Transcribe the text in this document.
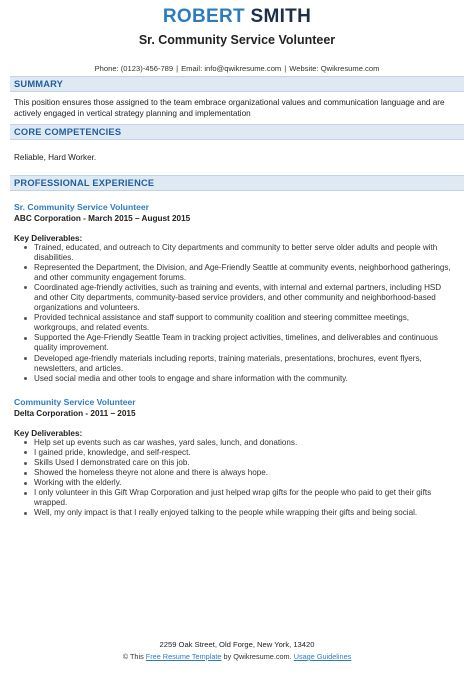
ROBERT SMITH
Sr. Community Service Volunteer
Phone: (0123)-456-789 | Email: info@qwikresume.com | Website: Qwikresume.com
SUMMARY
This position ensures those assigned to the team embrace organizational values and communication language and are actively engaged in vertical strategy planning and implementation
CORE COMPETENCIES
Reliable, Hard Worker.
PROFESSIONAL EXPERIENCE
Sr. Community Service Volunteer
ABC Corporation - March 2015 – August 2015
Key Deliverables:
Trained, educated, and outreach to City departments and community to better serve older adults and people with disabilities.
Represented the Department, the Division, and Age-Friendly Seattle at community events, neighborhood gatherings, and other community engagement forums.
Coordinated age-friendly activities, such as training and events, with internal and external partners, including HSD and other City departments, community-based service providers, and other community and neighborhood-based organizations and volunteers.
Provided technical assistance and staff support to community coalition and steering committee meetings, workgroups, and related events.
Supported the Age-Friendly Seattle Team in tracking project activities, timelines, and deliverables and continuous quality improvement.
Developed age-friendly materials including reports, training materials, presentations, brochures, event flyers, newsletters, and articles.
Used social media and other tools to engage and share information with the community.
Community Service Volunteer
Delta Corporation - 2011 – 2015
Key Deliverables:
Help set up events such as car washes, yard sales, lunch, and donations.
I gained pride, knowledge, and self-respect.
Skills Used I demonstrated care on this job.
Showed the homeless theyre not alone and there is always hope.
Working with the elderly.
I only volunteer in this Gift Wrap Corporation and just helped wrap gifts for the people who paid to get their gifts wrapped.
Well, my only impact is that I really enjoyed talking to the people while wrapping their gifts and being social.
2259 Oak Street, Old Forge, New York, 13420
© This Free Resume Template by Qwikresume.com. Usage Guidelines
